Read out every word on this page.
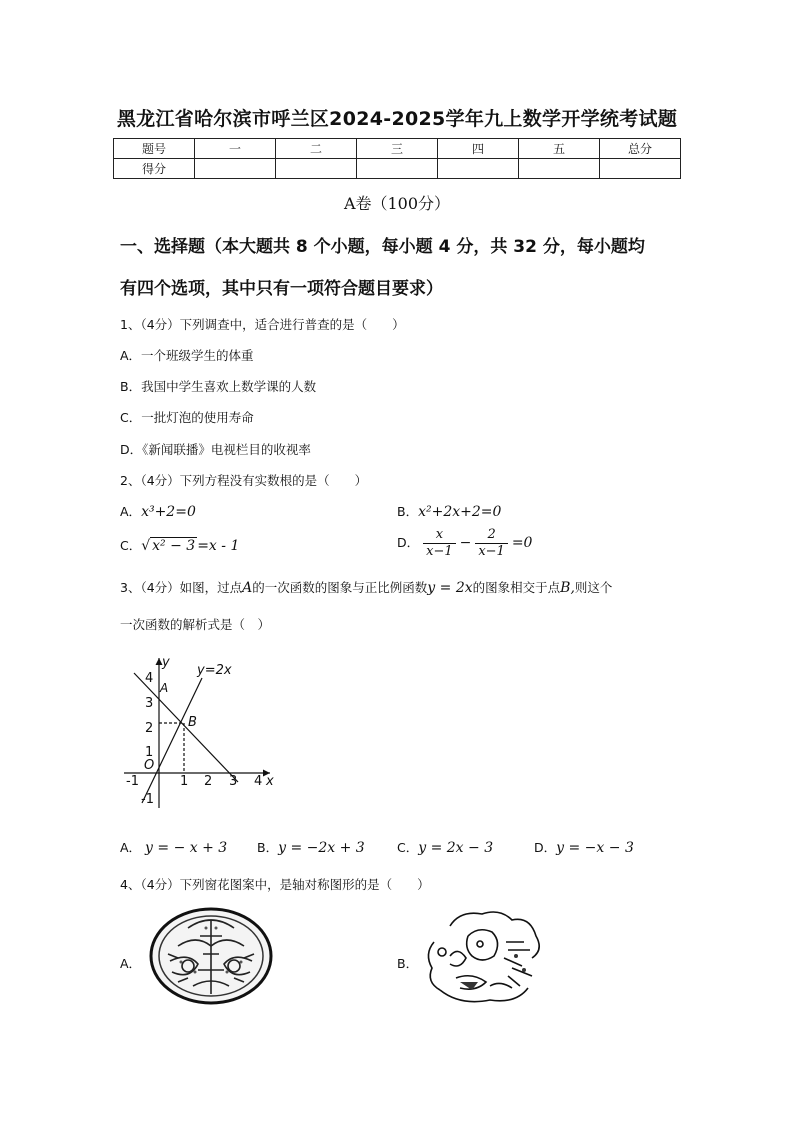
黑龙江省哈尔滨市呼兰区2024-2025学年九上数学开学统考试题
题号	一	二	三	四	五	总分
得分						
A卷（100分）
一、选择题（本大题共 8 个小题，每小题 4 分，共 32 分，每小题均
有四个选项，其中只有一项符合题目要求）
1、（4分）下列调查中，适合进行普查的是（　　）
A．一个班级学生的体重
B．我国中学生喜欢上数学课的人数
C．一批灯泡的使用寿命
D．《新闻联播》电视栏目的收视率
2、（4分）下列方程没有实数根的是（　　）
A．x³+2=0	B．x²+2x+2=0
C．√ x² − 3 =x - 1	D． $\frac{x}{x-1} - \frac{2}{x-1} =0$
3、（4分）如图，过点A的一次函数的图象与正比例函数y = 2x的图象相交于点B,则这个
一次函数的解析式是（　）
y
x
y=2x
A
B
O
-1	1 2 3 4
4
3
2
1
-1
A． y = − x + 3 B．y = −2x + 3	C．y = 2x − 3	D．y = −x − 3
4、（4分）下列窗花图案中，是轴对称图形的是（　　）
A．	B．
